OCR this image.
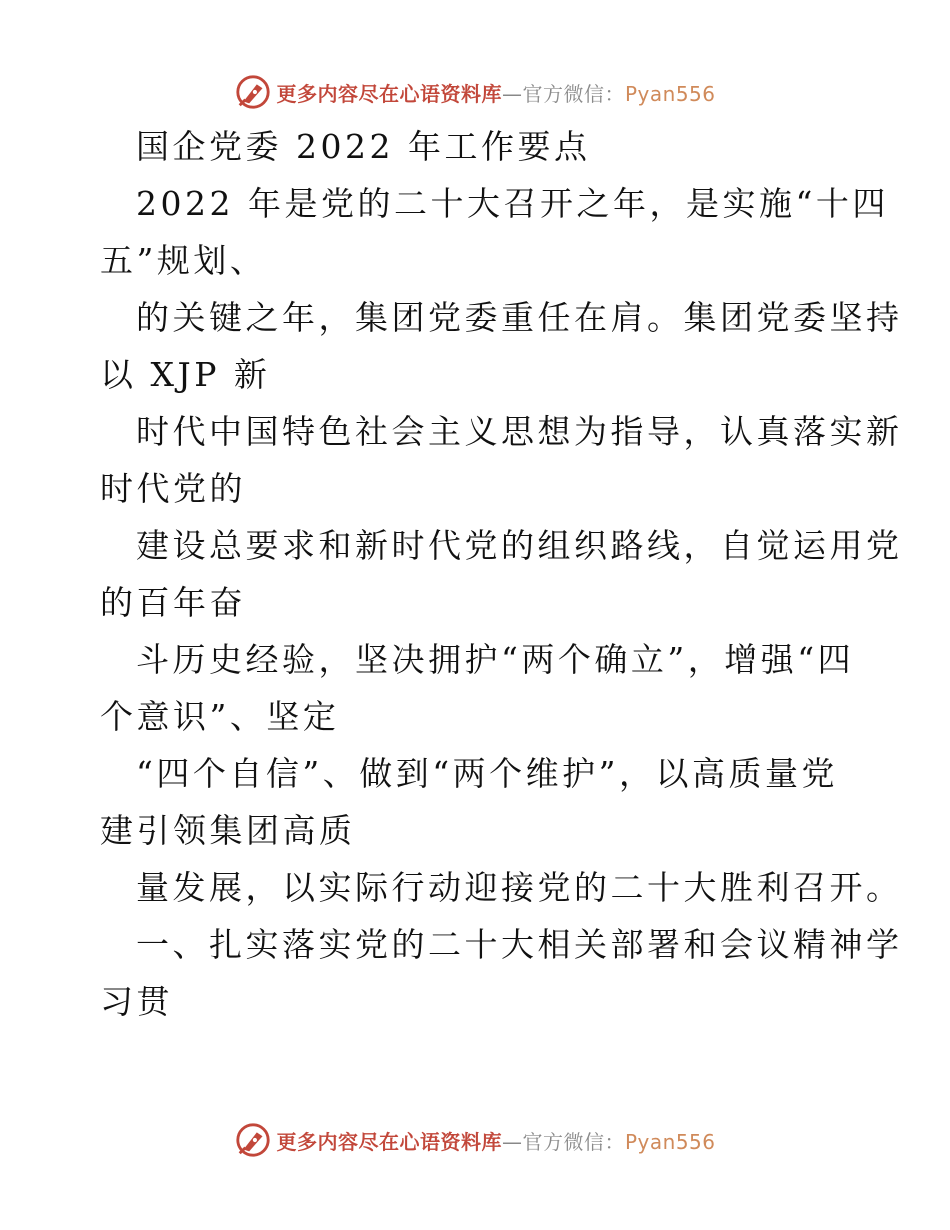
更多内容尽在心语资料库—官方微信：Pyan556

国企党委 2022 年工作要点

2022 年是党的二十大召开之年，是实施“十四

五”规划、

的关键之年，集团党委重任在肩。集团党委坚持

以 XJP 新

时代中国特色社会主义思想为指导，认真落实新

时代党的

建设总要求和新时代党的组织路线，自觉运用党

的百年奋

斗历史经验，坚决拥护“两个确立”，增强“四

个意识”、坚定

“四个自信”、做到“两个维护”，以高质量党

建引领集团高质

量发展，以实际行动迎接党的二十大胜利召开。

一、扎实落实党的二十大相关部署和会议精神学

习贯

更多内容尽在心语资料库—官方微信：Pyan556
